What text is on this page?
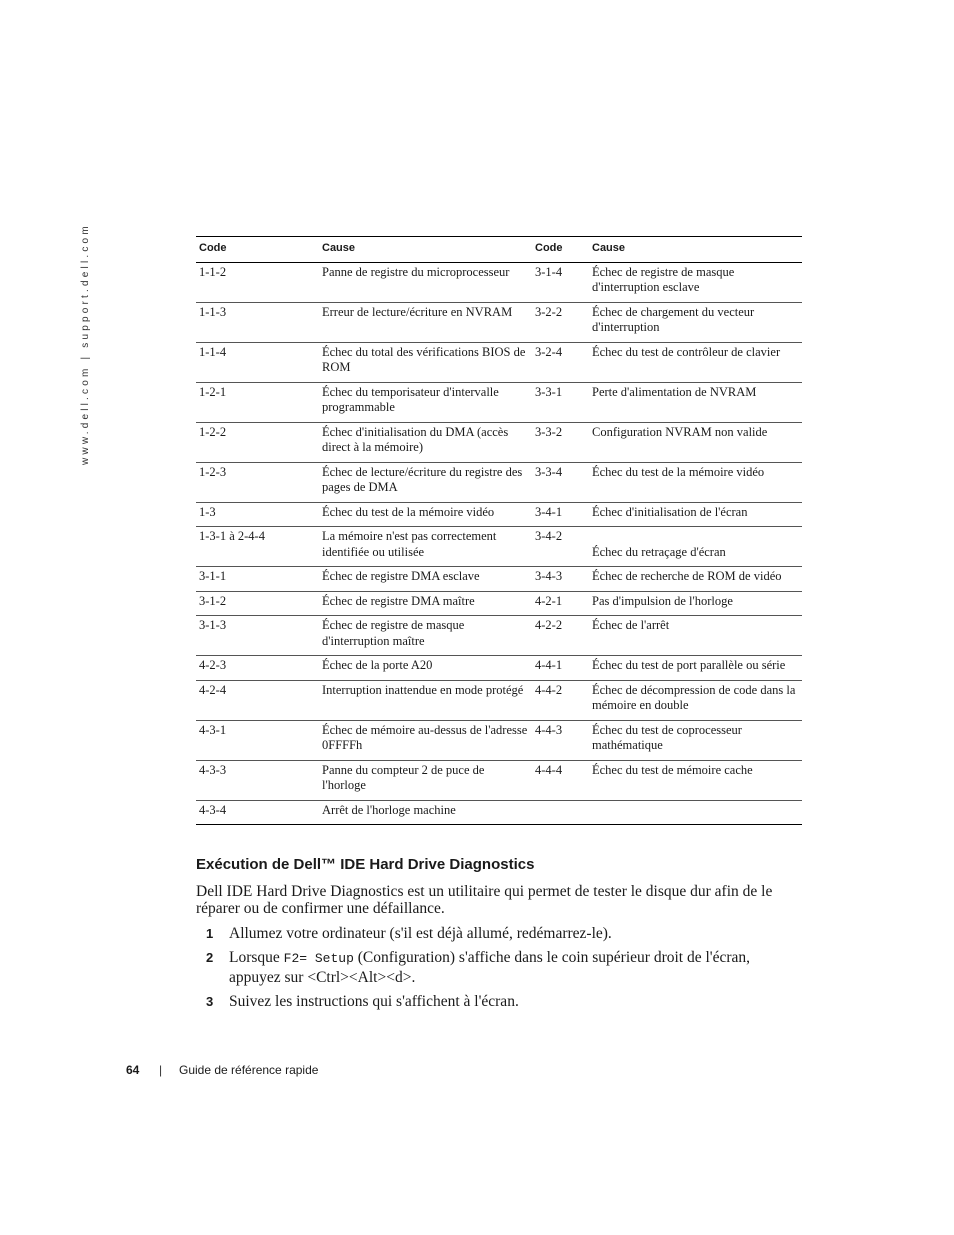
www.dell.com | support.dell.com	Code	Cause	Code	Cause
1-1-2	Panne de registre du microprocesseur	3-1-4	Échec de registre de masque d'interruption esclave
1-1-3	Erreur de lecture/écriture en NVRAM	3-2-2	Échec de chargement du vecteur d'interruption
1-1-4	Échec du total des vérifications BIOS de ROM	3-2-4	Échec du test de contrôleur de clavier
1-2-1	Échec du temporisateur d'intervalle programmable	3-3-1	Perte d'alimentation de NVRAM
1-2-2	Échec d'initialisation du DMA (accès direct à la mémoire)	3-3-2	Configuration NVRAM non valide
1-2-3	Échec de lecture/écriture du registre des pages de DMA	3-3-4	Échec du test de la mémoire vidéo
1-3	Échec du test de la mémoire vidéo	3-4-1	Échec d'initialisation de l'écran
1-3-1 à 2-4-4	La mémoire n'est pas correctement identifiée ou utilisée	3-4-2	Échec du retraçage d'écran
3-1-1	Échec de registre DMA esclave	3-4-3	Échec de recherche de ROM de vidéo
3-1-2	Échec de registre DMA maître	4-2-1	Pas d'impulsion de l'horloge
3-1-3	Échec de registre de masque d'interruption maître	4-2-2	Échec de l'arrêt
4-2-3	Échec de la porte A20	4-4-1	Échec du test de port parallèle ou série
4-2-4	Interruption inattendue en mode protégé	4-4-2	Échec de décompression de code dans la mémoire en double
4-3-1	Échec de mémoire au-dessus de l'adresse 0FFFFh	4-4-3	Échec du test de coprocesseur mathématique
4-3-3	Panne du compteur 2 de puce de l'horloge	4-4-4	Échec du test de mémoire cache
4-3-4	Arrêt de l'horloge machine		
Exécution de Dell™ IDE Hard Drive Diagnostics

Dell IDE Hard Drive Diagnostics est un utilitaire qui permet de tester le disque dur afin de le réparer ou de confirmer une défaillance.

1 Allumez votre ordinateur (s'il est déjà allumé, redémarrez-le).
2 Lorsque F2= Setup (Configuration) s'affiche dans le coin supérieur droit de l'écran, appuyez sur <Ctrl><Alt><d>.
3 Suivez les instructions qui s'affichent à l'écran.
64 | Guide de référence rapide
